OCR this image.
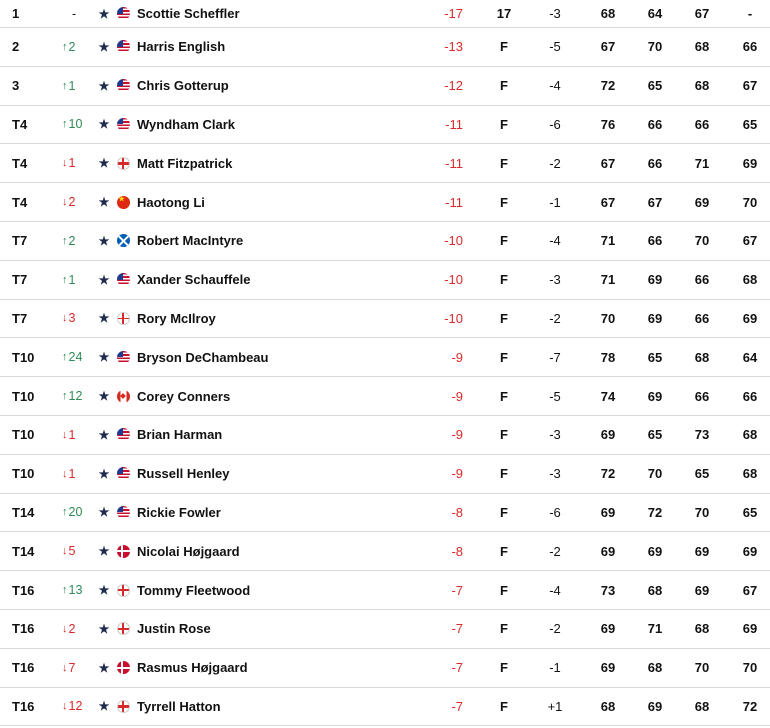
1	- ★ Scottie Scheffler	-17	17	-3	68	64	67	-
2	↑ 2 ★ Harris English	-13	F	-5	67	70	68	66
3	↑ 1 ★ Chris Gotterup	-12	F	-4	72	65	68	67
T4	↑ 10 ★ Wyndham Clark	-11	F	-6	76	66	66	65
T4	↓ 1 ★ Matt Fitzpatrick	-11	F	-2	67	66	71	69
T4	↓ 2 ★
★ Haotong Li	-11	F	-1	67	67	69	70
T7	↑ 2 ★ Robert MacIntyre	-10	F	-4	71	66	70	67
T7	↑ 1 ★ Xander Schauffele	-10	F	-3	71	69	66	68
T7	↓ 3 ★ Rory McIlroy	-10	F	-2	70	69	66	69
T10	↑ 24 ★ Bryson DeChambeau	-9	F	-7	78	65	68	64
T10	↑ 12 ★ Corey Conners	-9	F	-5	74	69	66	66
T10	↓ 1 ★ Brian Harman	-9	F	-3	69	65	73	68
T10	↓ 1 ★ Russell Henley	-9	F	-3	72	70	65	68
T14	↑ 20 ★ Rickie Fowler	-8	F	-6	69	72	70	65
T14	↓ 5 ★ Nicolai Højgaard	-8	F	-2	69	69	69	69
T16	↑ 13 ★ Tommy Fleetwood	-7	F	-4	73	68	69	67
T16	↓ 2 ★ Justin Rose	-7	F	-2	69	71	68	69
T16	↓ 7 ★ Rasmus Højgaard	-7	F	-1	69	68	70	70
T16	↓ 12 ★ Tyrrell Hatton	-7	F	+1	68	69	68	72
